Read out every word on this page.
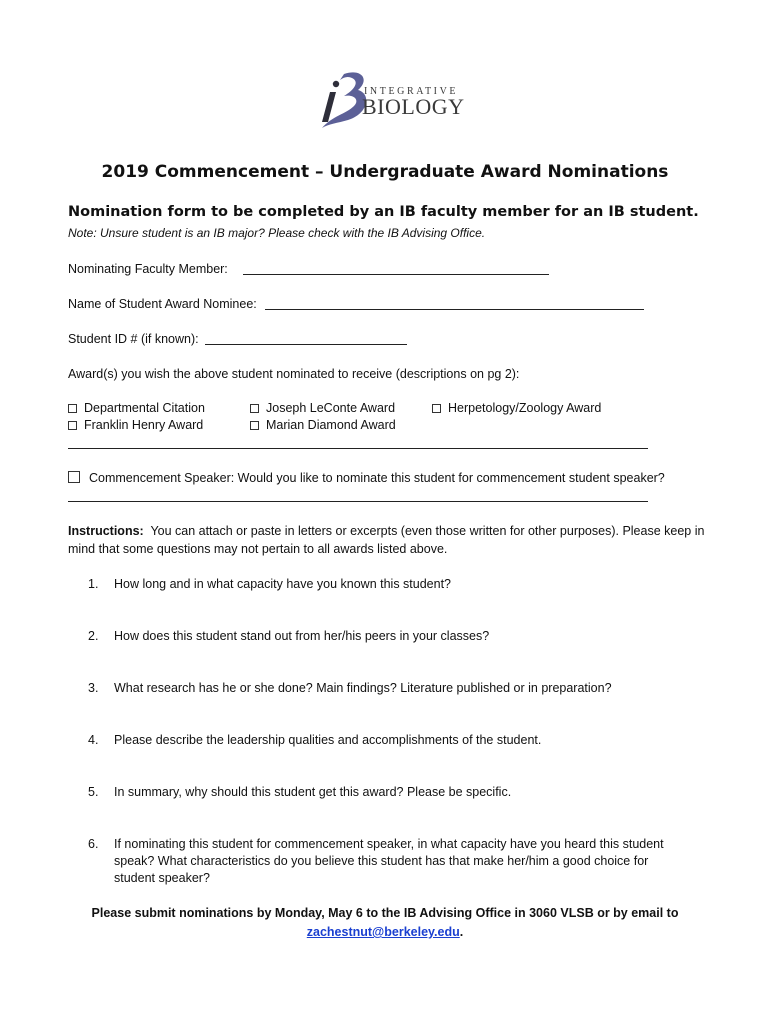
INTEGRATIVE
BIOLOGY
2019 Commencement – Undergraduate Award Nominations
Nomination form to be completed by an IB faculty member for an IB student.
Note: Unsure student is an IB major? Please check with the IB Advising Office.
Nominating Faculty Member:
Name of Student Award Nominee:
Student ID # (if known):
Award(s) you wish the above student nominated to receive (descriptions on pg 2):
Departmental Citation
Franklin Henry Award
Joseph LeConte Award
Marian Diamond Award
Herpetology/Zoology Award
Commencement Speaker: Would you like to nominate this student for commencement student speaker?
Instructions: You can attach or paste in letters or excerpts (even those written for other purposes). Please keep in mind that some questions may not pertain to all awards listed above.
1. How long and in what capacity have you known this student?
2. How does this student stand out from her/his peers in your classes?
3. What research has he or she done? Main findings? Literature published or in preparation?
4. Please describe the leadership qualities and accomplishments of the student.
5. In summary, why should this student get this award? Please be specific.
6. If nominating this student for commencement speaker, in what capacity have you heard this student speak? What characteristics do you believe this student has that make her/him a good choice for student speaker?
Please submit nominations by Monday, May 6 to the IB Advising Office in 3060 VLSB or by email to
zachestnut@berkeley.edu.
